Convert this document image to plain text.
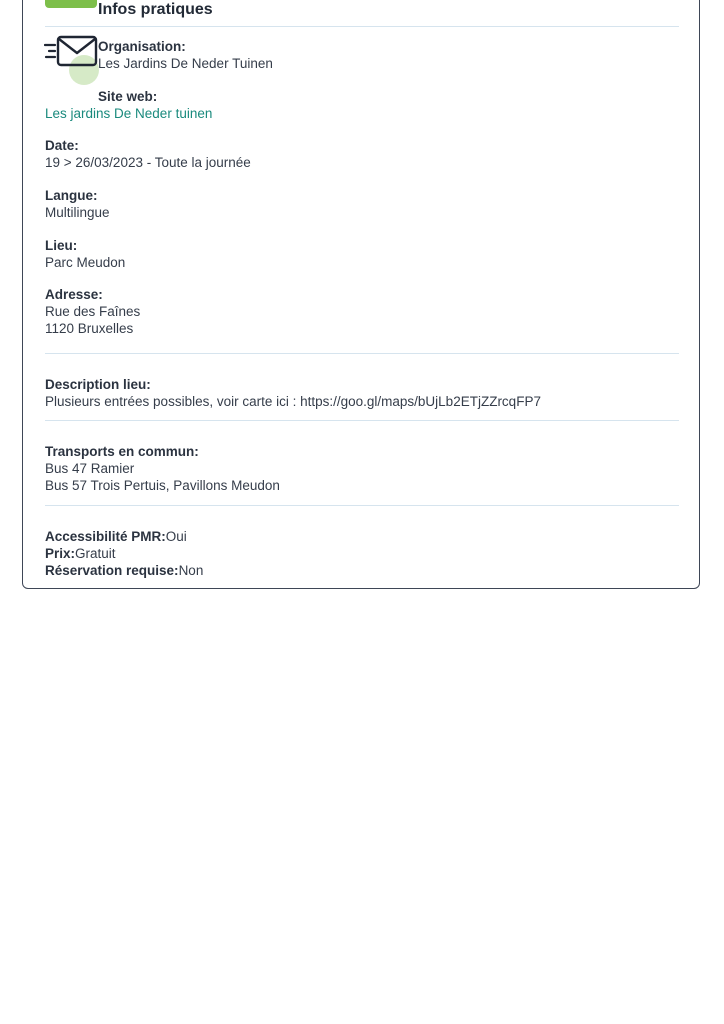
Infos pratiques
Organisation:
Les Jardins De Neder Tuinen
Site web:
Les jardins De Neder tuinen
Date:
19 > 26/03/2023 - Toute la journée
Langue:
Multilingue
Lieu:
Parc Meudon
Adresse:
Rue des Faînes
1120 Bruxelles
Description lieu:
Plusieurs entrées possibles, voir carte ici : https://goo.gl/maps/bUjLb2ETjZZrcqFP7
Transports en commun:
Bus 47 Ramier
Bus 57 Trois Pertuis, Pavillons Meudon
Accessibilité PMR:Oui
Prix:Gratuit
Réservation requise:Non
